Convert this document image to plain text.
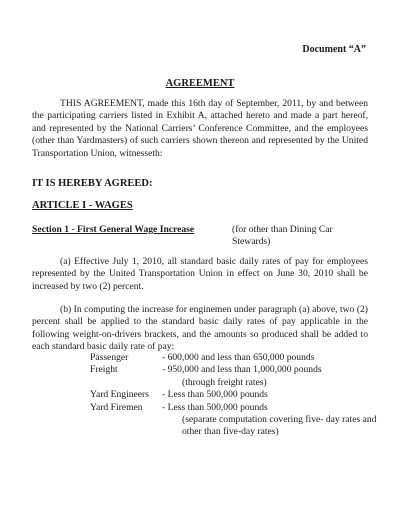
Document “A”
AGREEMENT
THIS AGREEMENT, made this 16th day of September, 2011, by and between the participating carriers listed in Exhibit A, attached hereto and made a part hereof, and represented by the National Carriers’ Conference Committee, and the employees (other than Yardmasters) of such carriers shown thereon and represented by the United Transportation Union, witnesseth:
IT IS HEREBY AGREED:
ARTICLE I - WAGES
Section 1 - First General Wage Increase	(for other than Dining Car Stewards)
(a) Effective July 1, 2010, all standard basic daily rates of pay for employees represented by the United Transportation Union in effect on June 30, 2010 shall be increased by two (2) percent.
(b) In computing the increase for enginemen under paragraph (a) above, two (2) percent shall be applied to the standard basic daily rates of pay applicable in the following weight-on-drivers brackets, and the amounts so produced shall be added to each standard basic daily rate of pay:
Passenger	- 600,000 and less than 650,000 pounds
Freight	- 950,000 and less than 1,000,000 pounds
(through freight rates)
Yard Engineers - Less than 500,000 pounds
Yard Firemen - Less than 500,000 pounds
(separate computation covering five- day rates and other than five-day rates)
